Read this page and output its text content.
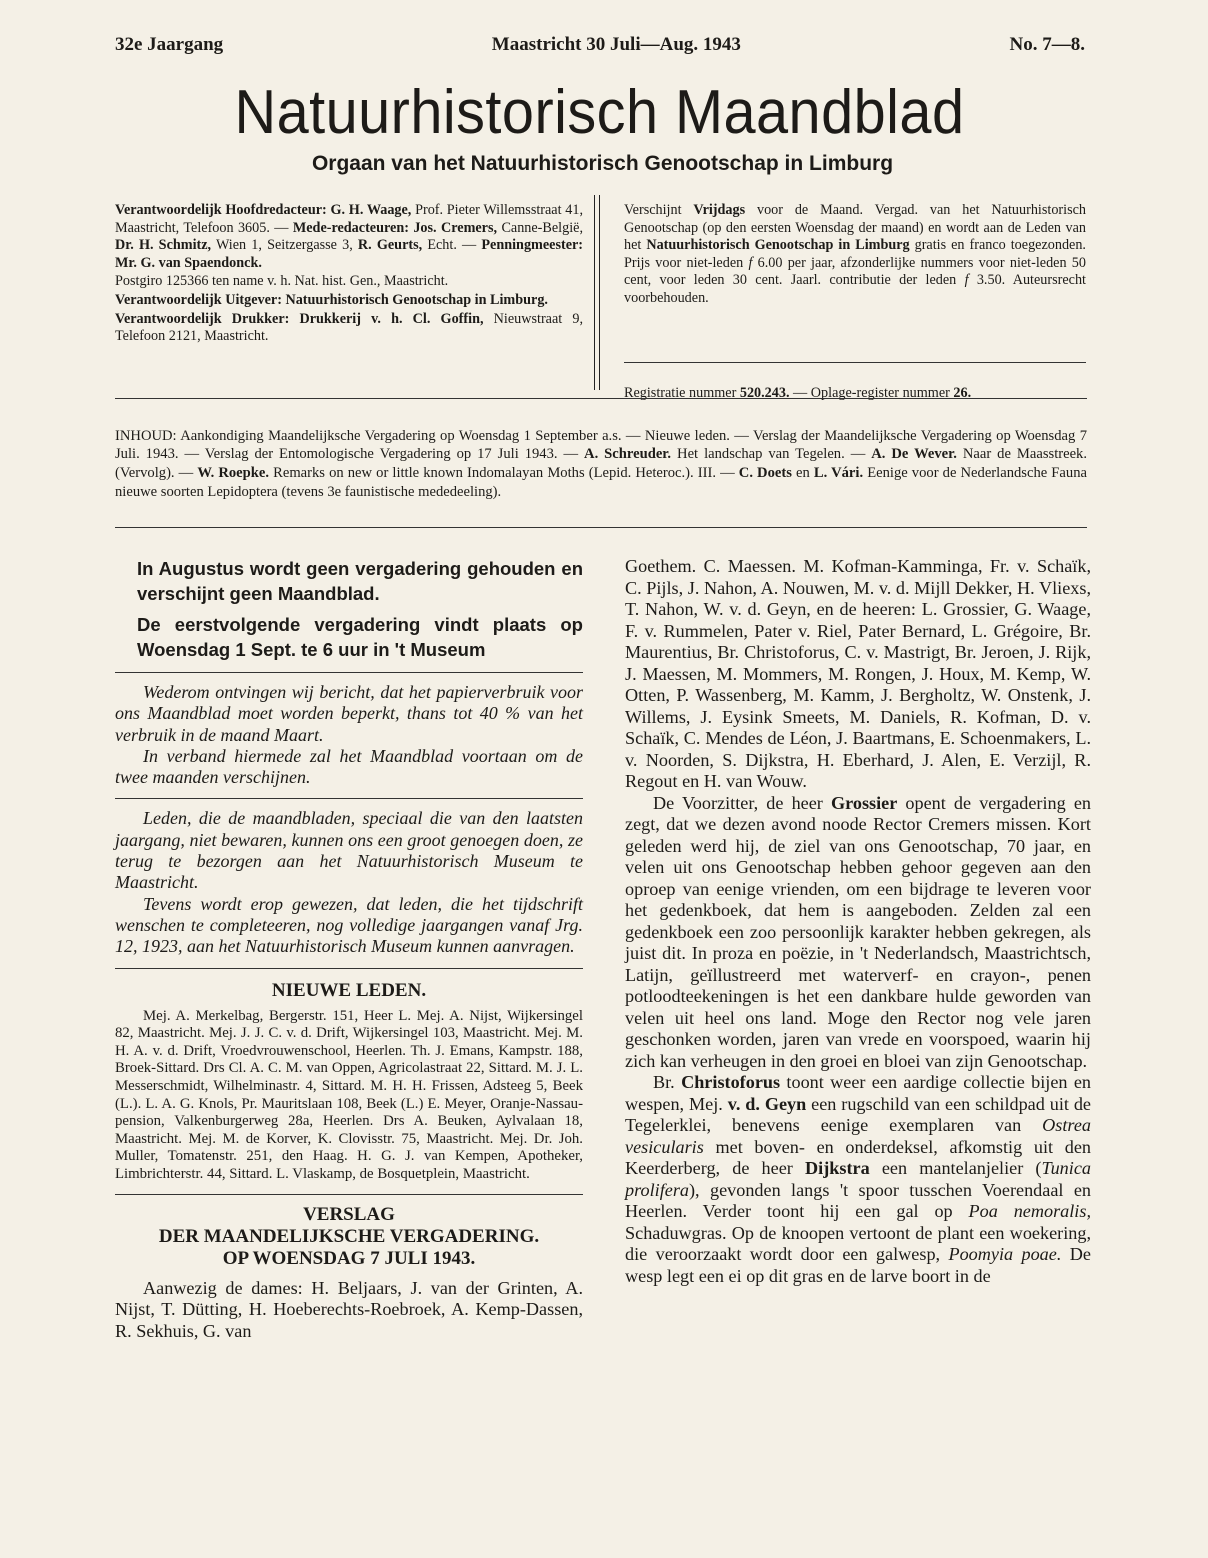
32e Jaargang	Maastricht 30 Juli—Aug. 1943	No. 7—8.
Natuurhistorisch Maandblad
Orgaan van het Natuurhistorisch Genootschap in Limburg

Verantwoordelijk Hoofdredacteur: G. H. Waage, Prof. Pieter Willemsstraat 41, Maastricht, Telefoon 3605. — Mede-redacteuren: Jos. Cremers, Canne-België, Dr. H. Schmitz, Wien 1, Seitzergasse 3, R. Geurts, Echt. — Penningmeester: Mr. G. van Spaendonck.

Postgiro 125366 ten name v. h. Nat. hist. Gen., Maastricht.

Verantwoordelijk Uitgever: Natuurhistorisch Genootschap in Limburg.

Verantwoordelijk Drukker: Drukkerij v. h. Cl. Goffin, Nieuwstraat 9, Telefoon 2121, Maastricht.

Verschijnt Vrijdags voor de Maand. Vergad. van het Natuurhistorisch Genootschap (op den eersten Woensdag der maand) en wordt aan de Leden van het Natuurhistorisch Genootschap in Limburg gratis en franco toegezonden. Prijs voor niet-leden f 6.00 per jaar, afzonderlijke nummers voor niet-leden 50 cent, voor leden 30 cent. Jaarl. contributie der leden f 3.50. Auteursrecht voorbehouden.

Registratie nummer 520.243. — Oplage-register nummer 26.

INHOUD: Aankondiging Maandelijksche Vergadering op Woensdag 1 September a.s. — Nieuwe leden. — Verslag der Maandelijksche Vergadering op Woensdag 7 Juli. 1943. — Verslag der Entomologische Vergadering op 17 Juli 1943. — A. Schreuder. Het landschap van Tegelen. — A. De Wever. Naar de Maasstreek. (Vervolg). — W. Roepke. Remarks on new or little known Indomalayan Moths (Lepid. Heteroc.). III. — C. Doets en L. Vári. Eenige voor de Nederlandsche Fauna nieuwe soorten Lepidoptera (tevens 3e faunistische mededeeling).

In Augustus wordt geen vergadering gehouden en verschijnt geen Maandblad.

De eerstvolgende vergadering vindt plaats op Woensdag 1 Sept. te 6 uur in 't Museum

Wederom ontvingen wij bericht, dat het papierverbruik voor ons Maandblad moet worden beperkt, thans tot 40 % van het verbruik in de maand Maart.

In verband hiermede zal het Maandblad voortaan om de twee maanden verschijnen.

Leden, die de maandbladen, speciaal die van den laatsten jaargang, niet bewaren, kunnen ons een groot genoegen doen, ze terug te bezorgen aan het Natuurhistorisch Museum te Maastricht.

Tevens wordt erop gewezen, dat leden, die het tijdschrift wenschen te completeeren, nog volledige jaargangen vanaf Jrg. 12, 1923, aan het Natuurhistorisch Museum kunnen aanvragen.

NIEUWE LEDEN.

Mej. A. Merkelbag, Bergerstr. 151, Heer L. Mej. A. Nijst, Wijkersingel 82, Maastricht. Mej. J. J. C. v. d. Drift, Wijkersingel 103, Maastricht. Mej. M. H. A. v. d. Drift, Vroedvrouwenschool, Heerlen. Th. J. Emans, Kampstr. 188, Broek-Sittard. Drs Cl. A. C. M. van Oppen, Agricolastraat 22, Sittard. M. J. L. Messerschmidt, Wilhelminastr. 4, Sittard. M. H. H. Frissen, Adsteeg 5, Beek (L.). L. A. G. Knols, Pr. Mauritslaan 108, Beek (L.) E. Meyer, Oranje-Nassau-pension, Valkenburgerweg 28a, Heerlen. Drs A. Beuken, Aylvalaan 18, Maastricht. Mej. M. de Korver, K. Clovisstr. 75, Maastricht. Mej. Dr. Joh. Muller, Tomatenstr. 251, den Haag. H. G. J. van Kempen, Apotheker, Limbrichterstr. 44, Sittard. L. Vlaskamp, de Bosquetplein, Maastricht.

VERSLAG
DER MAANDELIJKSCHE VERGADERING.
OP WOENSDAG 7 JULI 1943.

Aanwezig de dames: H. Beljaars, J. van der Grinten, A. Nijst, T. Dütting, H. Hoeberechts-Roebroek, A. Kemp-Dassen, R. Sekhuis, G. van

Goethem. C. Maessen. M. Kofman-Kamminga, Fr. v. Schaïk, C. Pijls, J. Nahon, A. Nouwen, M. v. d. Mijll Dekker, H. Vliexs, T. Nahon, W. v. d. Geyn, en de heeren: L. Grossier, G. Waage, F. v. Rummelen, Pater v. Riel, Pater Bernard, L. Grégoire, Br. Maurentius, Br. Christoforus, C. v. Mastrigt, Br. Jeroen, J. Rijk, J. Maessen, M. Mommers, M. Rongen, J. Houx, M. Kemp, W. Otten, P. Wassenberg, M. Kamm, J. Bergholtz, W. Onstenk, J. Willems, J. Eysink Smeets, M. Daniels, R. Kofman, D. v. Schaïk, C. Mendes de Léon, J. Baartmans, E. Schoenmakers, L. v. Noorden, S. Dijkstra, H. Eberhard, J. Alen, E. Verzijl, R. Regout en H. van Wouw.

De Voorzitter, de heer Grossier opent de vergadering en zegt, dat we dezen avond noode Rector Cremers missen. Kort geleden werd hij, de ziel van ons Genootschap, 70 jaar, en velen uit ons Genootschap hebben gehoor gegeven aan den oproep van eenige vrienden, om een bijdrage te leveren voor het gedenkboek, dat hem is aangeboden. Zelden zal een gedenkboek een zoo persoonlijk karakter hebben gekregen, als juist dit. In proza en poëzie, in 't Nederlandsch, Maastrichtsch, Latijn, geïllustreerd met waterverf- en crayon-, penen potloodteekeningen is het een dankbare hulde geworden van velen uit heel ons land. Moge den Rector nog vele jaren geschonken worden, jaren van vrede en voorspoed, waarin hij zich kan verheugen in den groei en bloei van zijn Genootschap.

Br. Christoforus toont weer een aardige collectie bijen en wespen, Mej. v. d. Geyn een rugschild van een schildpad uit de Tegelerklei, benevens eenige exemplaren van Ostrea vesicularis met boven- en onderdeksel, afkomstig uit den Keerderberg, de heer Dijkstra een mantelanjelier (Tunica prolifera), gevonden langs 't spoor tusschen Voerendaal en Heerlen. Verder toont hij een gal op Poa nemoralis, Schaduwgras. Op de knoopen vertoont de plant een woekering, die veroorzaakt wordt door een galwesp, Poomyia poae. De wesp legt een ei op dit gras en de larve boort in de
